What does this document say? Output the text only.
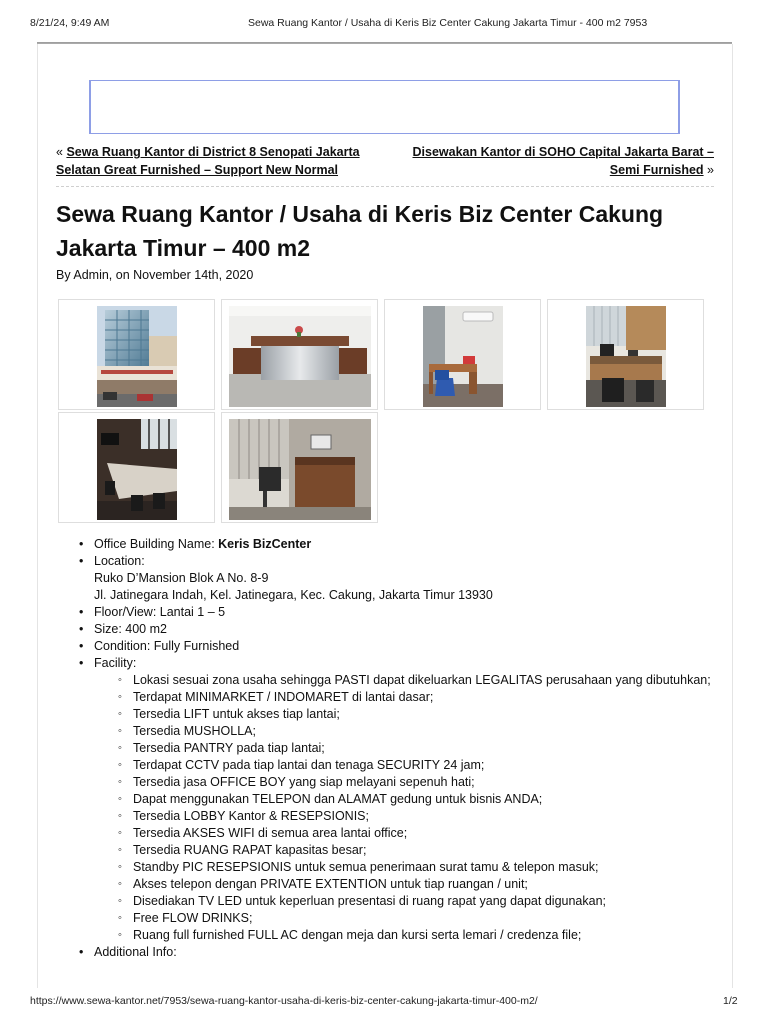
8/21/24, 9:49 AM	Sewa Ruang Kantor / Usaha di Keris Biz Center Cakung Jakarta Timur - 400 m2 7953
« Sewa Ruang Kantor di District 8 Senopati Jakarta Selatan Great Furnished – Support New Normal
Disewakan Kantor di SOHO Capital Jakarta Barat – Semi Furnished »
Sewa Ruang Kantor / Usaha di Keris Biz Center Cakung Jakarta Timur – 400 m2
By Admin, on November 14th, 2020
• Office Building Name: Keris BizCenter
• Location:
Ruko D’Mansion Blok A No. 8-9
Jl. Jatinegara Indah, Kel. Jatinegara, Kec. Cakung, Jakarta Timur 13930
• Floor/View: Lantai 1 – 5
• Size: 400 m2
• Condition: Fully Furnished
• Facility:
◦ Lokasi sesuai zona usaha sehingga PASTI dapat dikeluarkan LEGALITAS perusahaan yang dibutuhkan;
◦ Terdapat MINIMARKET / INDOMARET di lantai dasar;
◦ Tersedia LIFT untuk akses tiap lantai;
◦ Tersedia MUSHOLLA;
◦ Tersedia PANTRY pada tiap lantai;
◦ Terdapat CCTV pada tiap lantai dan tenaga SECURITY 24 jam;
◦ Tersedia jasa OFFICE BOY yang siap melayani sepenuh hati;
◦ Dapat menggunakan TELEPON dan ALAMAT gedung untuk bisnis ANDA;
◦ Tersedia LOBBY Kantor & RESEPSIONIS;
◦ Tersedia AKSES WIFI di semua area lantai office;
◦ Tersedia RUANG RAPAT kapasitas besar;
◦ Standby PIC RESEPSIONIS untuk semua penerimaan surat tamu & telepon masuk;
◦ Akses telepon dengan PRIVATE EXTENTION untuk tiap ruangan / unit;
◦ Disediakan TV LED untuk keperluan presentasi di ruang rapat yang dapat digunakan;
◦ Free FLOW DRINKS;
◦ Ruang full furnished FULL AC dengan meja dan kursi serta lemari / credenza file;
• Additional Info:
https://www.sewa-kantor.net/7953/sewa-ruang-kantor-usaha-di-keris-biz-center-cakung-jakarta-timur-400-m2/	1/2
